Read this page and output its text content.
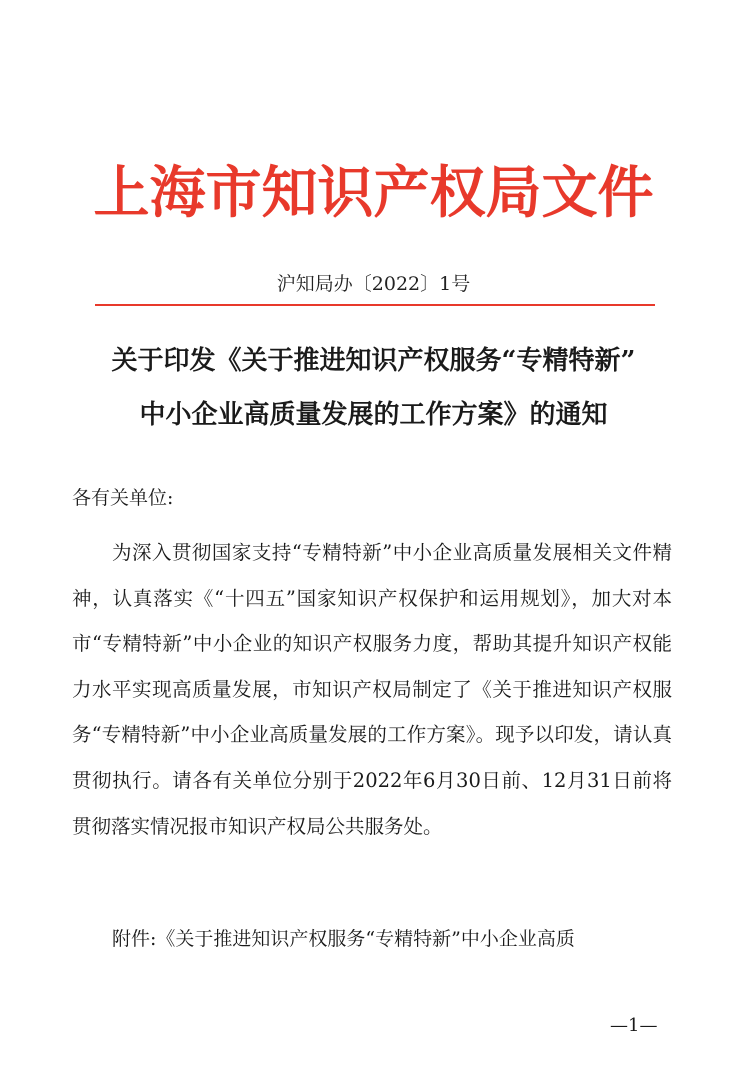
上海市知识产权局文件
沪知局办〔2022〕1号
关于印发《关于推进知识产权服务“专精特新”
中小企业高质量发展的工作方案》的通知
各有关单位:
为深入贯彻国家支持“专精特新”中小企业高质量发展相关文件精神，认真落实《“十四五”国家知识产权保护和运用规划》，加大对本市“专精特新”中小企业的知识产权服务力度，帮助其提升知识产权能力水平实现高质量发展，市知识产权局制定了《关于推进知识产权服务“专精特新”中小企业高质量发展的工作方案》。现予以印发，请认真贯彻执行。请各有关单位分别于2022年6月30日前、12月31日前将贯彻落实情况报市知识产权局公共服务处。
附件:《关于推进知识产权服务“专精特新”中小企业高质
—1—
